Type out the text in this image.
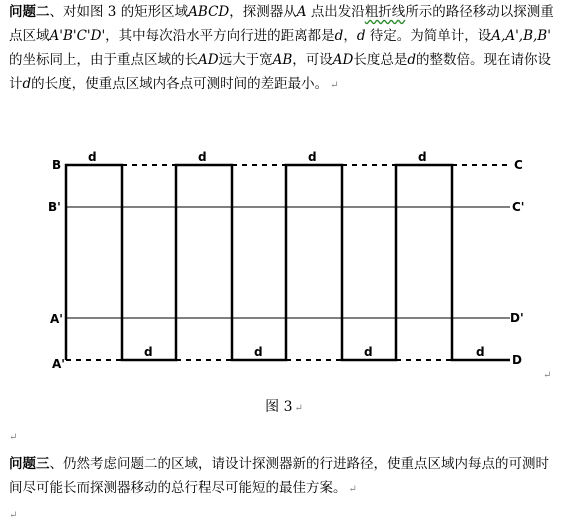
问题二、对如图 3 的矩形区域ABCD，探测器从A 点出发沿粗折线所示的路径移动以探测重点区域A'B'C'D'，其中每次沿水平方向行进的距离都是d，d 待定。为简单计，设A,A',B,B' 的坐标同上，由于重点区域的长AD远大于宽AB，可设AD长度总是d的整数倍。现在请你设计d的长度，使重点区域内各点可测时间的差距最小。 ↵
B
B'
A'
A'
C
C'
D'
D
d	d	d	d
d	d	d	d
↵
图 3 ↵
↵
问题三、仍然考虑问题二的区域，请设计探测器新的行进路径，使重点区域内每点的可测时间尽可能长而探测器移动的总行程尽可能短的最佳方案。 ↵
↵
